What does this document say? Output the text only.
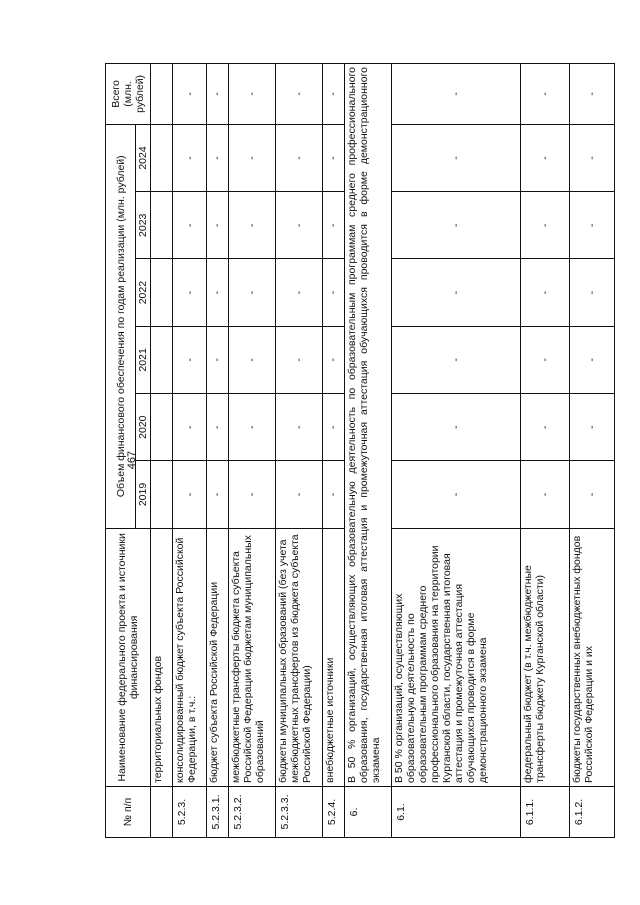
467
№ п/п	Наименование федерального проекта и источники финансирования	Объем финансового обеспечения по годам реализации (млн. рублей)						Всего (млн. рублей)
		2019	2020	2021	2022	2023	2024	
	территориальных фондов							
5.2.3.	консолидированный бюджет субъекта Российской Федерации, в т.ч.:	-	-	-	-	-	-	-
5.2.3.1.	бюджет субъекта Российской Федерации	-	-	-	-	-	-	-
5.2.3.2.	межбюджетные трансферты бюджета субъекта Российской Федерации бюджетам муниципальных образований	-	-	-	-	-	-	-
5.2.3.3.	бюджеты муниципальных образований (без учета межбюджетных трансфертов из бюджета субъекта Российской Федерации)	-	-	-	-	-	-	-
5.2.4.	внебюджетные источники	-	-	-	-	-	-	-
6.	В 50 % организаций, осуществляющих образовательную деятельность по образовательным программам среднего профессионального образования, государственная итоговая аттестация и промежуточная аттестация обучающихся проводится в форме демонстрационного экзамена							
6.1.	В 50 % организаций, осуществляющих образовательную деятельность по образовательным программам среднего профессионального образования на территории Курганской области, государственная итоговая аттестация и промежуточная аттестация обучающихся проводится в форме демонстрационного экзамена	-	-	-	-	-	-	-
6.1.1.	федеральный бюджет (в т.ч. межбюджетные трансферты бюджету Курганской области)	-	-	-	-	-	-	-
6.1.2.	бюджеты государственных внебюджетных фондов Российской Федерации и их	-	-	-	-	-	-	-
